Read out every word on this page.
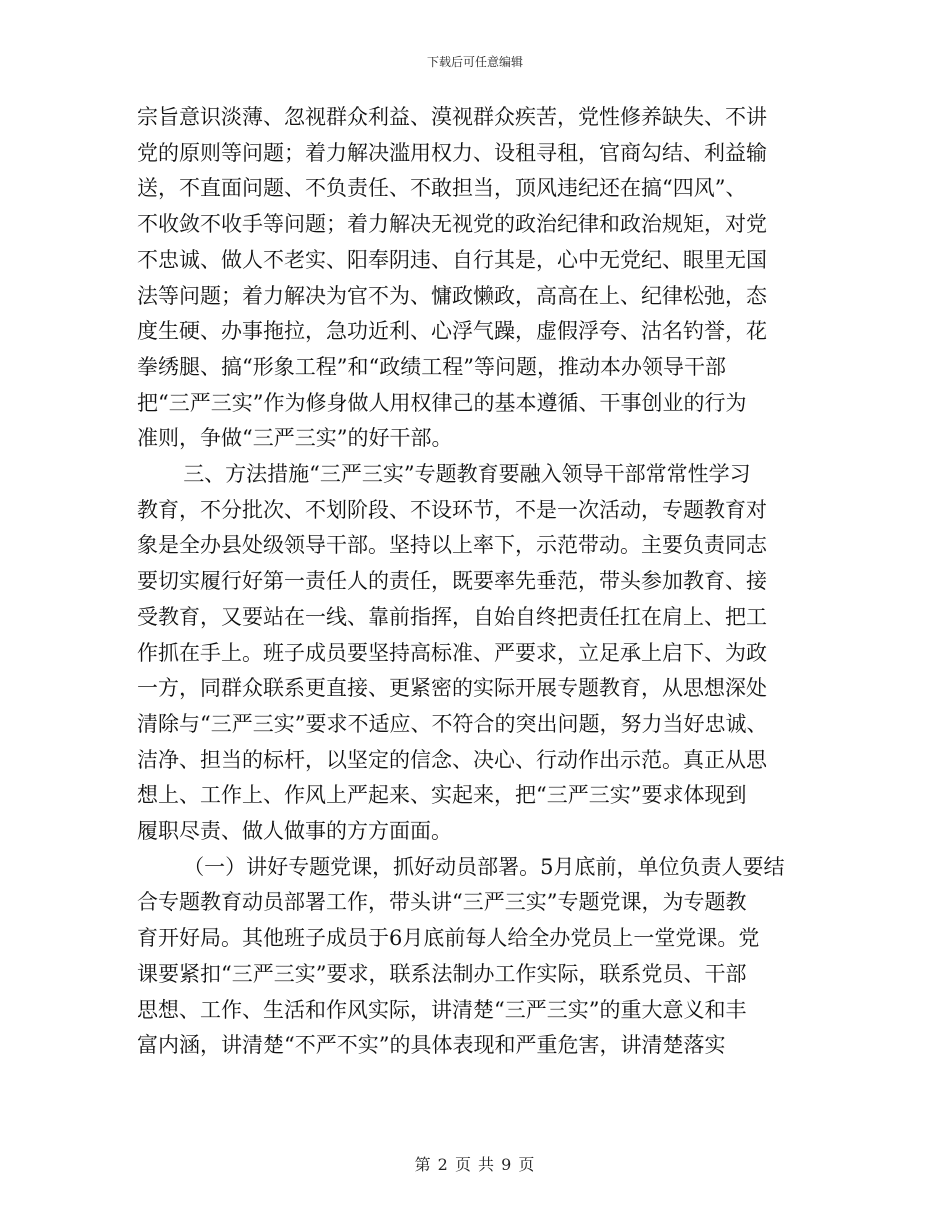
下载后可任意编辑

宗旨意识淡薄、忽视群众利益、漠视群众疾苦，党性修养缺失、不讲
党的原则等问题；着力解决滥用权力、设租寻租，官商勾结、利益输
送，不直面问题、不负责任、不敢担当，顶风违纪还在搞“四风”、
不收敛不收手等问题；着力解决无视党的政治纪律和政治规矩，对党
不忠诚、做人不老实、阳奉阴违、自行其是，心中无党纪、眼里无国
法等问题；着力解决为官不为、慵政懒政，高高在上、纪律松弛，态
度生硬、办事拖拉，急功近利、心浮气躁，虚假浮夸、沽名钓誉，花
拳绣腿、搞“形象工程”和“政绩工程”等问题，推动本办领导干部
把“三严三实”作为修身做人用权律己的基本遵循、干事创业的行为
准则，争做“三严三实”的好干部。

三、方法措施“三严三实”专题教育要融入领导干部常常性学习
教育，不分批次、不划阶段、不设环节，不是一次活动，专题教育对
象是全办县处级领导干部。坚持以上率下，示范带动。主要负责同志
要切实履行好第一责任人的责任，既要率先垂范，带头参加教育、接
受教育，又要站在一线、靠前指挥，自始自终把责任扛在肩上、把工
作抓在手上。班子成员要坚持高标准、严要求，立足承上启下、为政
一方，同群众联系更直接、更紧密的实际开展专题教育，从思想深处
清除与“三严三实”要求不适应、不符合的突出问题，努力当好忠诚、
洁净、担当的标杆，以坚定的信念、决心、行动作出示范。真正从思
想上、工作上、作风上严起来、实起来，把“三严三实”要求体现到
履职尽责、做人做事的方方面面。

（一）讲好专题党课，抓好动员部署。5月底前，单位负责人要结
合专题教育动员部署工作，带头讲“三严三实”专题党课，为专题教
育开好局。其他班子成员于6月底前每人给全办党员上一堂党课。党
课要紧扣“三严三实”要求，联系法制办工作实际，联系党员、干部
思想、工作、生活和作风实际，讲清楚“三严三实”的重大意义和丰
富内涵，讲清楚“不严不实”的具体表现和严重危害，讲清楚落实

第 2 页 共 9 页
